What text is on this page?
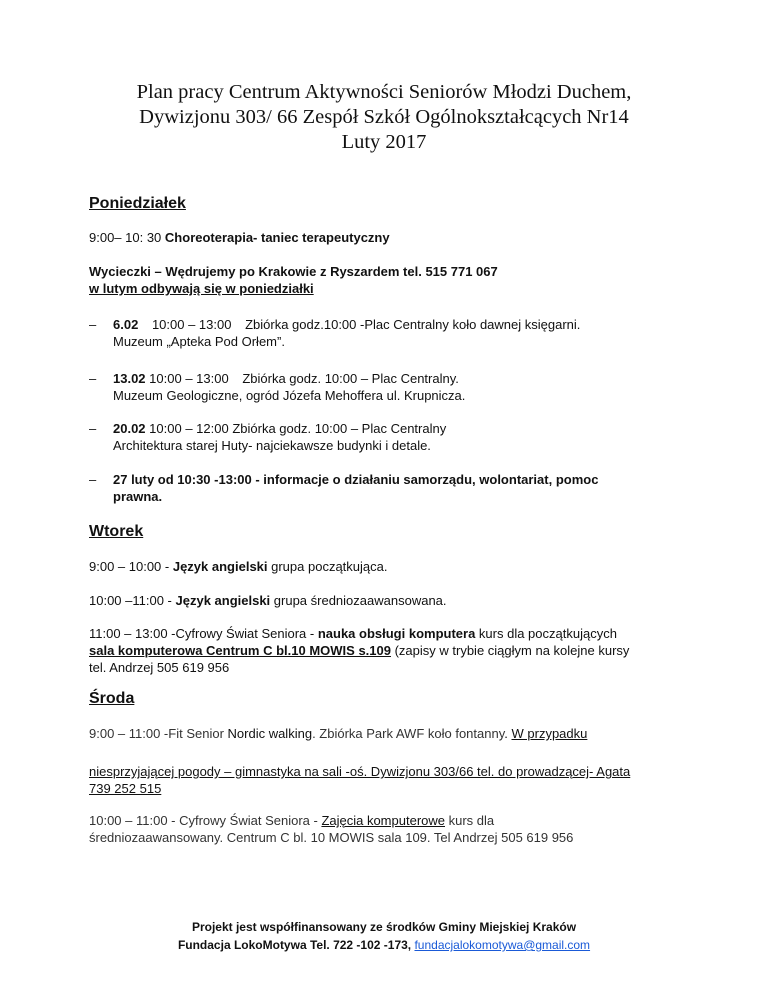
Plan pracy Centrum Aktywności Seniorów Młodzi Duchem,
Dywizjonu 303/ 66 Zespół Szkół Ogólnokształcących Nr14
Luty 2017
Poniedziałek
9:00– 10: 30 Choreoterapia- taniec terapeutyczny
Wycieczki – Wędrujemy po Krakowie z Ryszardem tel. 515 771 067
w lutym odbywają się w poniedziałki
– 6.02 10:00 – 13:00 Zbiórka godz.10:00 -Plac Centralny koło dawnej księgarni.
Muzeum „Apteka Pod Orłem”.
– 13.02 10:00 – 13:00 Zbiórka godz. 10:00 – Plac Centralny.
Muzeum Geologiczne, ogród Józefa Mehoffera ul. Krupnicza.
– 20.02 10:00 – 12:00 Zbiórka godz. 10:00 – Plac Centralny
Architektura starej Huty- najciekawsze budynki i detale.
– 27 luty od 10:30 -13:00 - informacje o działaniu samorządu, wolontariat, pomoc
prawna.
Wtorek
9:00 – 10:00 - Język angielski grupa początkująca.
10:00 –11:00 - Język angielski grupa średniozaawansowana.
11:00 – 13:00 -Cyfrowy Świat Seniora - nauka obsługi komputera kurs dla początkujących
sala komputerowa Centrum C bl.10 MOWIS s.109 (zapisy w trybie ciągłym na kolejne kursy
tel. Andrzej 505 619 956
Środa
9:00 – 11:00 -Fit Senior Nordic walking. Zbiórka Park AWF koło fontanny. W przypadku
niesprzyjającej pogody – gimnastyka na sali -oś. Dywizjonu 303/66 tel. do prowadzącej- Agata
739 252 515
10:00 – 11:00 - Cyfrowy Świat Seniora - Zajęcia komputerowe kurs dla
średniozaawansowany. Centrum C bl. 10 MOWIS sala 109. Tel Andrzej 505 619 956
Projekt jest współfinansowany ze środków Gminy Miejskiej Kraków
Fundacja LokoMotywa Tel. 722 -102 -173, fundacjalokomotywa@gmail.com
